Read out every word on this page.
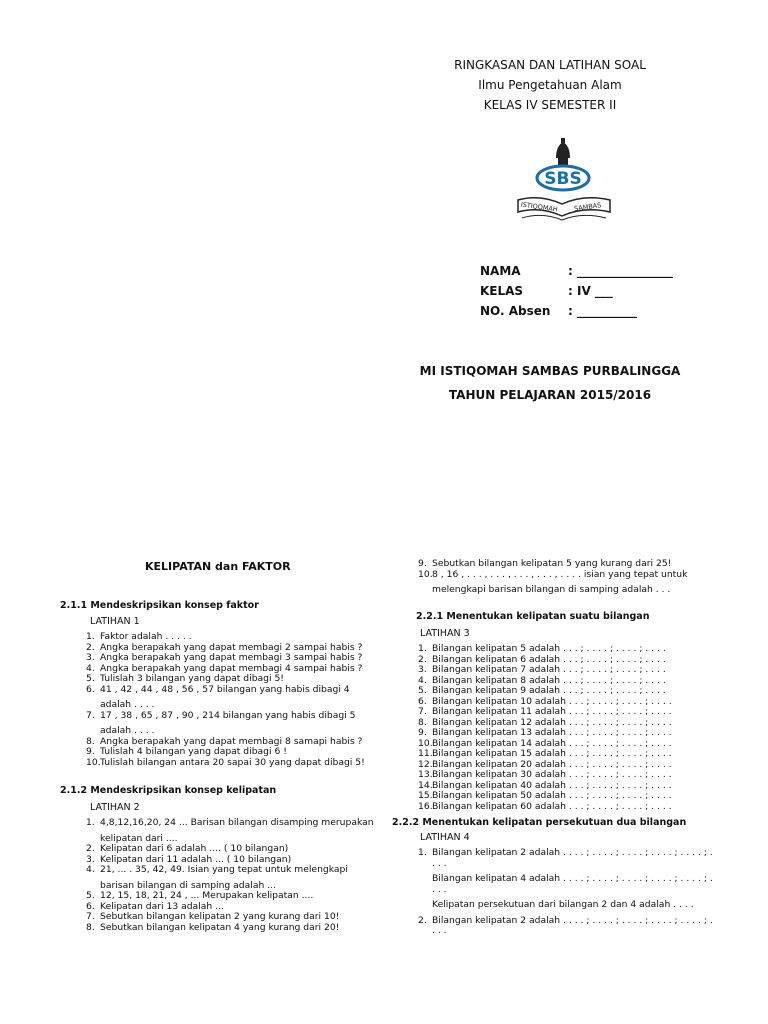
RINGKASAN DAN LATIHAN SOAL
Ilmu Pengetahuan Alam
KELAS IV SEMESTER II
SBS
ISTIQOMAH SAMBAS
NAMA	: ________________
KELAS	: IV ___
NO. Absen : __________
MI ISTIQOMAH SAMBAS PURBALINGGA
TAHUN PELAJARAN 2015/2016
KELIPATAN dan FAKTOR
2.1.1 Mendeskripsikan konsep faktor
LATIHAN 1
1. Faktor adalah . . . . .
2. Angka berapakah yang dapat membagi 2 sampai habis ?
3. Angka berapakah yang dapat membagi 3 sampai habis ?
4. Angka berapakah yang dapat membagi 4 sampai habis ?
5. Tulislah 3 bilangan yang dapat dibagi 5!
6. 41 , 42 , 44 , 48 , 56 , 57 bilangan yang habis dibagi 4
adalah . . . .
7. 17 , 38 , 65 , 87 , 90 , 214 bilangan yang habis dibagi 5
adalah . . . .
8. Angka berapakah yang dapat membagi 8 samapi habis ?
9. Tulislah 4 bilangan yang dapat dibagi 6 !
10. Tulislah bilangan antara 20 sapai 30 yang dapat dibagi 5!
2.1.2 Mendeskripsikan konsep kelipatan
LATIHAN 2
1. 4,8,12,16,20, 24 ... Barisan bilangan disamping merupakan
kelipatan dari ....
2. Kelipatan dari 6 adalah .... ( 10 bilangan)
3. Kelipatan dari 11 adalah ... ( 10 bilangan)
4. 21, ... . 35, 42, 49. Isian yang tepat untuk melengkapi
barisan bilangan di samping adalah ...
5. 12, 15, 18, 21, 24 , ... Merupakan kelipatan ....
6. Kelipatan dari 13 adalah ...
7. Sebutkan bilangan kelipatan 2 yang kurang dari 10!
8. Sebutkan bilangan kelipatan 4 yang kurang dari 20!
9. Sebutkan bilangan kelipatan 5 yang kurang dari 25!
10. 8 , 16 , . . . , . . . , . . . , . . . , . . . . isian yang tepat untuk
melengkapi barisan bilangan di samping adalah . . .
2.2.1 Menentukan kelipatan suatu bilangan
LATIHAN 3
1. Bilangan kelipatan 5 adalah . . . ; . . . . ; . . . . ; . . . .
2. Bilangan kelipatan 6 adalah . . . ; . . . . ; . . . . ; . . . .
3. Bilangan kelipatan 7 adalah . . . ; . . . . ; . . . . ; . . . .
4. Bilangan kelipatan 8 adalah . . . ; . . . . ; . . . . ; . . . .
5. Bilangan kelipatan 9 adalah . . . ; . . . . ; . . . . ; . . . .
6. Bilangan kelipatan 10 adalah . . . ; . . . . ; . . . . ; . . . .
7. Bilangan kelipatan 11 adalah . . . ; . . . . ; . . . . ; . . . .
8. Bilangan kelipatan 12 adalah . . . ; . . . . ; . . . . ; . . . .
9. Bilangan kelipatan 13 adalah . . . ; . . . . ; . . . . ; . . . .
10. Bilangan kelipatan 14 adalah . . . ; . . . . ; . . . . ; . . . .
11. Bilangan kelipatan 15 adalah . . . ; . . . . ; . . . . ; . . . .
12. Bilangan kelipatan 20 adalah . . . ; . . . . ; . . . . ; . . . .
13. Bilangan kelipatan 30 adalah . . . ; . . . . ; . . . . ; . . . .
14. Bilangan kelipatan 40 adalah . . . ; . . . . ; . . . . ; . . . .
15. Bilangan kelipatan 50 adalah . . . ; . . . . ; . . . . ; . . . .
16. Bilangan kelipatan 60 adalah . . . ; . . . . ; . . . . ; . . . .
2.2.2 Menentukan kelipatan persekutuan dua bilangan
LATIHAN 4
1. Bilangan kelipatan 2 adalah . . . . ; . . . . ; . . . . ; . . . . ; . . . . ; .
. . .
Bilangan kelipatan 4 adalah . . . . ; . . . . ; . . . . ; . . . . ; . . . . ; .
. . .
Kelipatan persekutuan dari bilangan 2 dan 4 adalah . . . .
2. Bilangan kelipatan 2 adalah . . . . ; . . . . ; . . . . ; . . . . ; . . . . ; .
. . .
